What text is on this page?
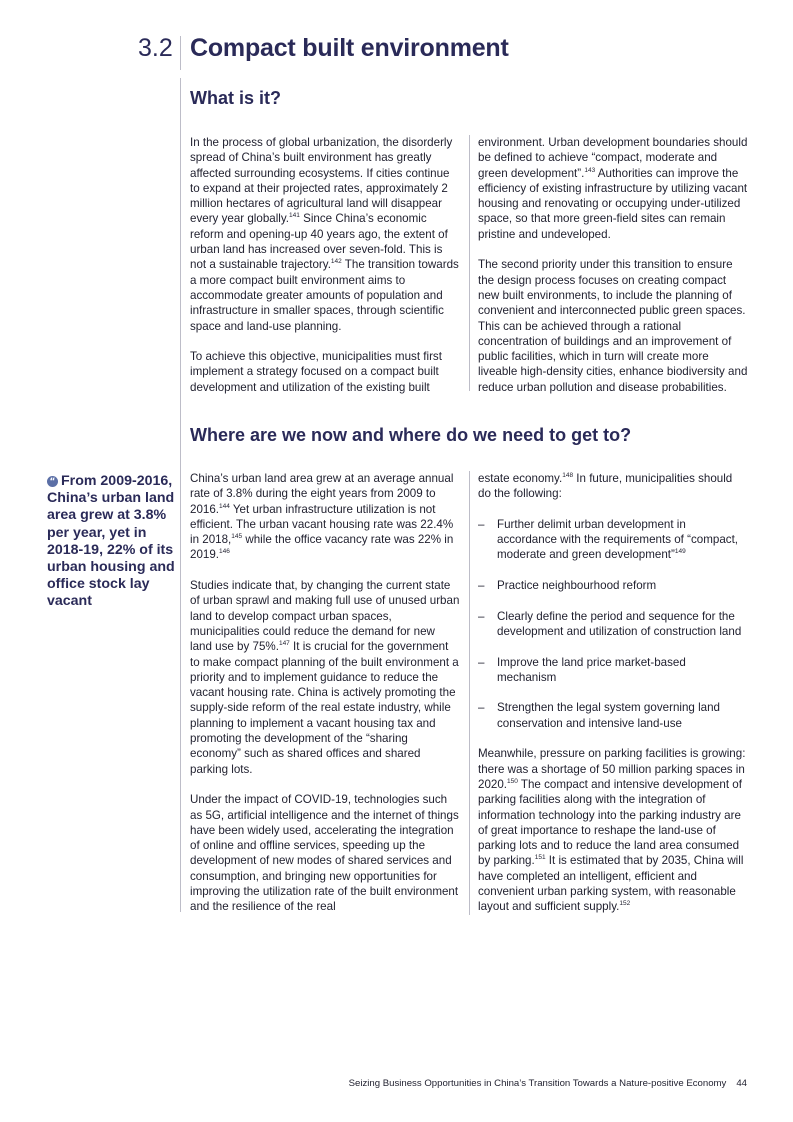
3.2 Compact built environment
What is it?

In the process of global urbanization, the disorderly spread of China’s built environment has greatly affected surrounding ecosystems. If cities continue to expand at their projected rates, approximately 2 million hectares of agricultural land will disappear every year globally.$^{141}$ Since China’s economic reform and opening-up 40 years ago, the extent of urban land has increased over seven-fold. This is not a sustainable trajectory.$^{142}$ The transition towards a more compact built environment aims to accommodate greater amounts of population and infrastructure in smaller spaces, through scientific space and land-use planning.

To achieve this objective, municipalities must first implement a strategy focused on a compact built development and utilization of the existing built

environment. Urban development boundaries should be defined to achieve “compact, moderate and green development”.$^{143}$ Authorities can improve the efficiency of existing infrastructure by utilizing vacant housing and renovating or occupying under-utilized space, so that more green-field sites can remain pristine and undeveloped.

The second priority under this transition to ensure the design process focuses on creating compact new built environments, to include the planning of convenient and interconnected public green spaces. This can be achieved through a rational concentration of buildings and an improvement of public facilities, which in turn will create more liveable high-density cities, enhance biodiversity and reduce urban pollution and disease probabilities.

Where are we now and where do we need to get to?
“ From 2009-2016, China’s urban land area grew at 3.8% per year, yet in 2018-19, 22% of its urban housing and office stock lay vacant

China’s urban land area grew at an average annual rate of 3.8% during the eight years from 2009 to 2016.$^{144}$ Yet urban infrastructure utilization is not efficient. The urban vacant housing rate was 22.4% in 2018,$^{145}$ while the office vacancy rate was 22% in 2019.$^{146}$

Studies indicate that, by changing the current state of urban sprawl and making full use of unused urban land to develop compact urban spaces, municipalities could reduce the demand for new land use by 75%.$^{147}$ It is crucial for the government to make compact planning of the built environment a priority and to implement guidance to reduce the vacant housing rate. China is actively promoting the supply-side reform of the real estate industry, while planning to implement a vacant housing tax and promoting the development of the “sharing economy” such as shared offices and shared parking lots.

Under the impact of COVID-19, technologies such as 5G, artificial intelligence and the internet of things have been widely used, accelerating the integration of online and offline services, speeding up the development of new modes of shared services and consumption, and bringing new opportunities for improving the utilization rate of the built environment and the resilience of the real

estate economy.$^{148}$ In future, municipalities should do the following:

– Further delimit urban development in accordance with the requirements of “compact, moderate and green development”$^{149}$
– Practice neighbourhood reform
– Clearly define the period and sequence for the development and utilization of construction land
– Improve the land price market-based mechanism
– Strengthen the legal system governing land conservation and intensive land-use

Meanwhile, pressure on parking facilities is growing: there was a shortage of 50 million parking spaces in 2020.$^{150}$ The compact and intensive development of parking facilities along with the integration of information technology into the parking industry are of great importance to reshape the land-use of parking lots and to reduce the land area consumed by parking.$^{151}$ It is estimated that by 2035, China will have completed an intelligent, efficient and convenient urban parking system, with reasonable layout and sufficient supply.$^{152}$

Seizing Business Opportunities in China’s Transition Towards a Nature-positive Economy 44
